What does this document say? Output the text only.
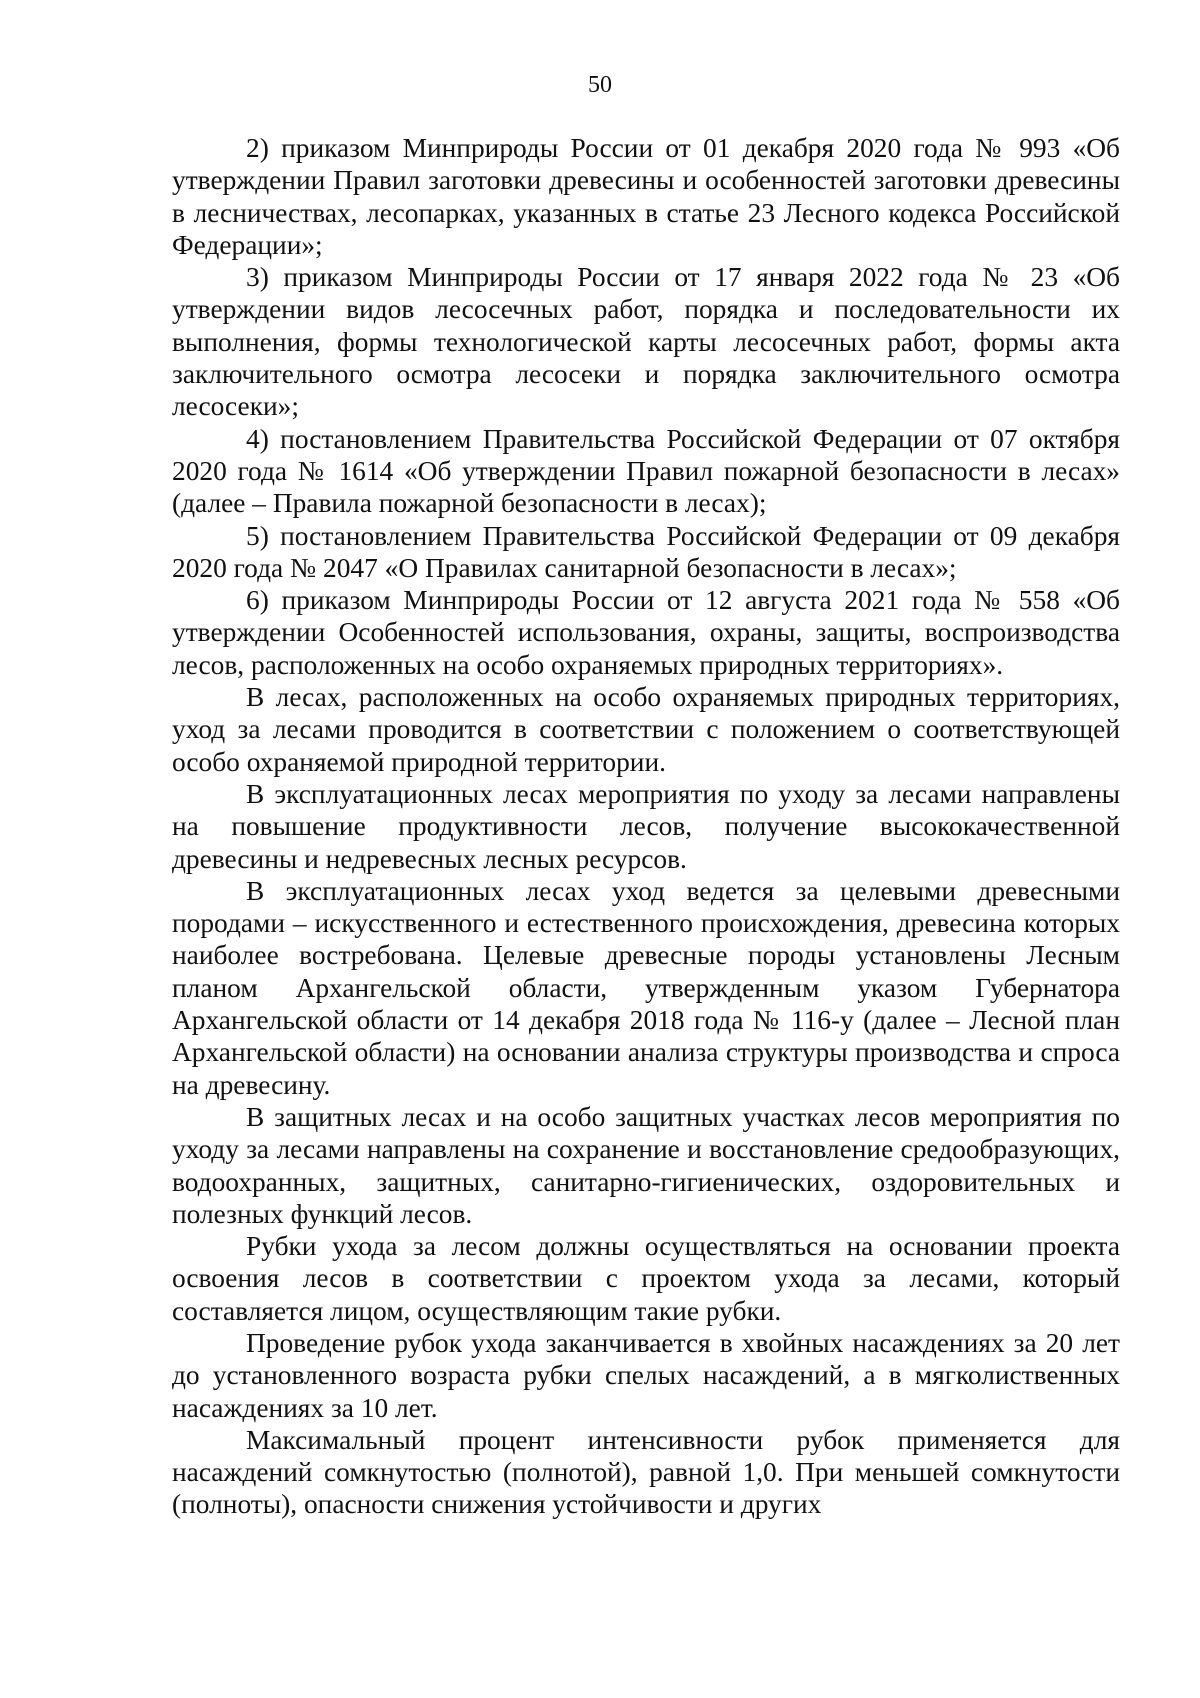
50

2) приказом Минприроды России от 01 декабря 2020 года № 993 «Об утверждении Правил заготовки древесины и особенностей заготовки древесины в лесничествах, лесопарках, указанных в статье 23 Лесного кодекса Российской Федерации»;

3) приказом Минприроды России от 17 января 2022 года № 23 «Об утверждении видов лесосечных работ, порядка и последовательности их выполнения, формы технологической карты лесосечных работ, формы акта заключительного осмотра лесосеки и порядка заключительного осмотра лесосеки»;

4) постановлением Правительства Российской Федерации от 07 октября 2020 года № 1614 «Об утверждении Правил пожарной безопасности в лесах» (далее – Правила пожарной безопасности в лесах);

5) постановлением Правительства Российской Федерации от 09 декабря 2020 года № 2047 «О Правилах санитарной безопасности в лесах»;

6) приказом Минприроды России от 12 августа 2021 года № 558 «Об утверждении Особенностей использования, охраны, защиты, воспроизводства лесов, расположенных на особо охраняемых природных территориях».

В лесах, расположенных на особо охраняемых природных территориях, уход за лесами проводится в соответствии с положением о соответствующей особо охраняемой природной территории.

В эксплуатационных лесах мероприятия по уходу за лесами направлены на повышение продуктивности лесов, получение высококачественной древесины и недревесных лесных ресурсов.

В эксплуатационных лесах уход ведется за целевыми древесными породами – искусственного и естественного происхождения, древесина которых наиболее востребована. Целевые древесные породы установлены Лесным планом Архангельской области, утвержденным указом Губернатора Архангельской области от 14 декабря 2018 года № 116-у (далее – Лесной план Архангельской области) на основании анализа структуры производства и спроса на древесину.

В защитных лесах и на особо защитных участках лесов мероприятия по уходу за лесами направлены на сохранение и восстановление средообразующих, водоохранных, защитных, санитарно-гигиенических, оздоровительных и полезных функций лесов.

Рубки ухода за лесом должны осуществляться на основании проекта освоения лесов в соответствии с проектом ухода за лесами, который составляется лицом, осуществляющим такие рубки.

Проведение рубок ухода заканчивается в хвойных насаждениях за 20 лет до установленного возраста рубки спелых насаждений, а в мягколиственных насаждениях за 10 лет.

Максимальный процент интенсивности рубок применяется для насаждений сомкнутостью (полнотой), равной 1,0. При меньшей сомкнутости (полноты), опасности снижения устойчивости и других
